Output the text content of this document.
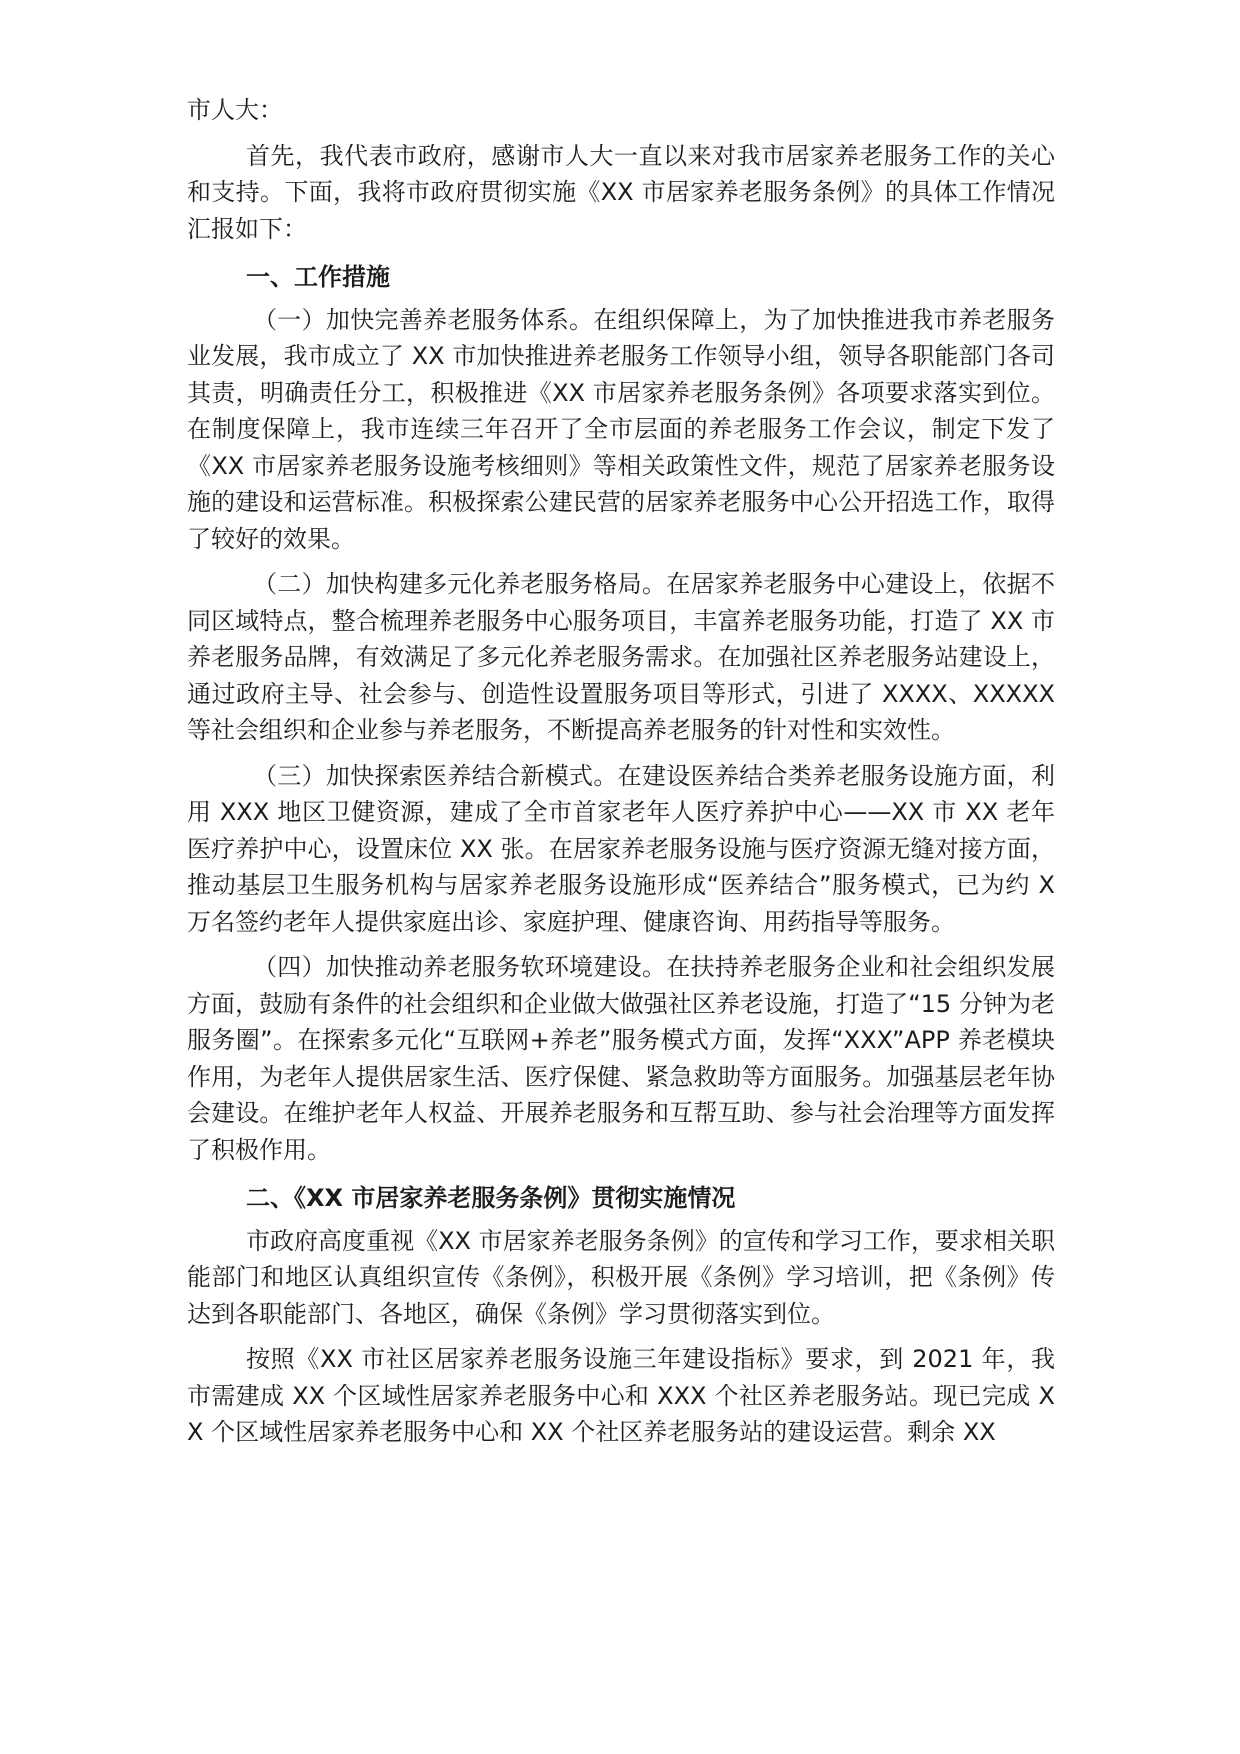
市人大：

首先，我代表市政府，感谢市人大一直以来对我市居家养老服务工作的关心和支持。下面，我将市政府贯彻实施《XX 市居家养老服务条例》的具体工作情况汇报如下：

一、工作措施

（一）加快完善养老服务体系。在组织保障上，为了加快推进我市养老服务业发展，我市成立了 XX 市加快推进养老服务工作领导小组，领导各职能部门各司其责，明确责任分工，积极推进《XX 市居家养老服务条例》各项要求落实到位。在制度保障上，我市连续三年召开了全市层面的养老服务工作会议，制定下发了《XX 市居家养老服务设施考核细则》等相关政策性文件，规范了居家养老服务设施的建设和运营标准。积极探索公建民营的居家养老服务中心公开招选工作，取得了较好的效果。

（二）加快构建多元化养老服务格局。在居家养老服务中心建设上，依据不同区域特点，整合梳理养老服务中心服务项目，丰富养老服务功能，打造了 XX 市养老服务品牌，有效满足了多元化养老服务需求。在加强社区养老服务站建设上，通过政府主导、社会参与、创造性设置服务项目等形式，引进了 XXXX、XXXXX 等社会组织和企业参与养老服务，不断提高养老服务的针对性和实效性。

（三）加快探索医养结合新模式。在建设医养结合类养老服务设施方面，利用 XXX 地区卫健资源，建成了全市首家老年人医疗养护中心——XX 市 XX 老年医疗养护中心，设置床位 XX 张。在居家养老服务设施与医疗资源无缝对接方面，推动基层卫生服务机构与居家养老服务设施形成“医养结合”服务模式，已为约 X 万名签约老年人提供家庭出诊、家庭护理、健康咨询、用药指导等服务。

（四）加快推动养老服务软环境建设。在扶持养老服务企业和社会组织发展方面，鼓励有条件的社会组织和企业做大做强社区养老设施，打造了“15 分钟为老服务圈”。在探索多元化“互联网+养老”服务模式方面，发挥“XXX”APP 养老模块作用，为老年人提供居家生活、医疗保健、紧急救助等方面服务。加强基层老年协会建设。在维护老年人权益、开展养老服务和互帮互助、参与社会治理等方面发挥了积极作用。

二、《XX 市居家养老服务条例》贯彻实施情况

市政府高度重视《XX 市居家养老服务条例》的宣传和学习工作，要求相关职能部门和地区认真组织宣传《条例》，积极开展《条例》学习培训，把《条例》传达到各职能部门、各地区，确保《条例》学习贯彻落实到位。

按照《XX 市社区居家养老服务设施三年建设指标》要求，到 2021 年，我市需建成 XX 个区域性居家养老服务中心和 XXX 个社区养老服务站。现已完成 XX 个区域性居家养老服务中心和 XX 个社区养老服务站的建设运营。剩余 XX
